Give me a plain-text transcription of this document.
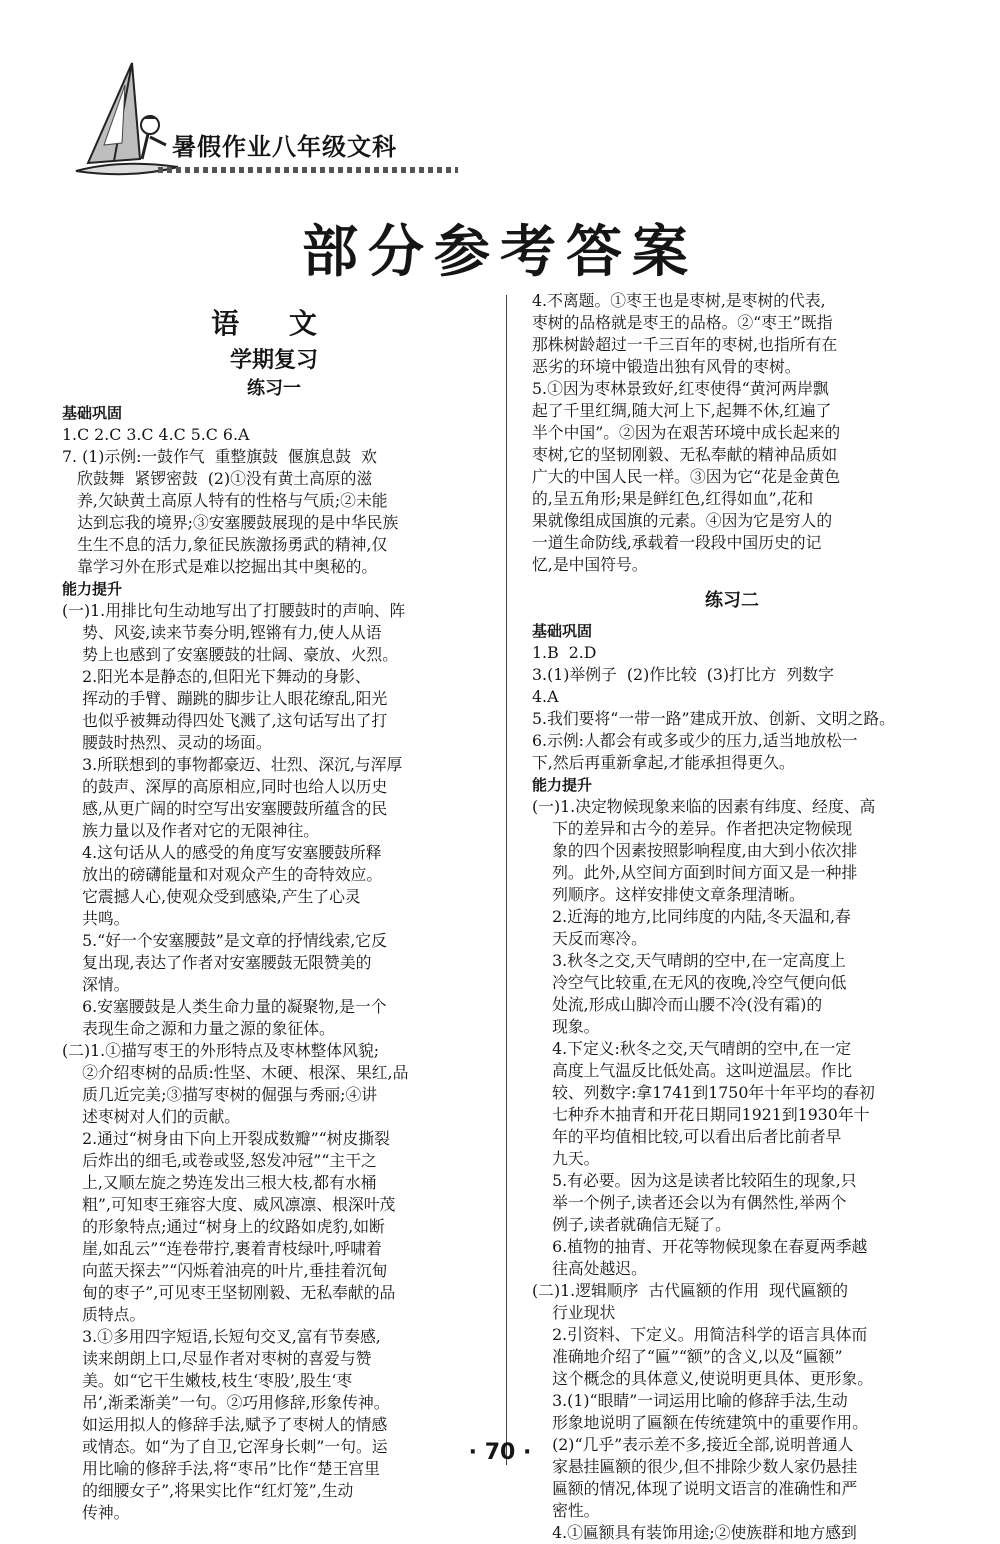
暑假作业八年级文科
部分参考答案
语 文
学期复习
练习一
基础巩固

1.C 2.C 3.C 4.C 5.C 6.A

7. (1)示例:一鼓作气  重整旗鼓  偃旗息鼓  欢

欣鼓舞  紧锣密鼓  (2)①没有黄土高原的滋

养,欠缺黄土高原人特有的性格与气质;②未能

达到忘我的境界;③安塞腰鼓展现的是中华民族

生生不息的活力,象征民族激扬勇武的精神,仅

靠学习外在形式是难以挖掘出其中奥秘的。

能力提升

(一)1.用排比句生动地写出了打腰鼓时的声响、阵

势、风姿,读来节奏分明,铿锵有力,使人从语

势上也感到了安塞腰鼓的壮阔、豪放、火烈。

2.阳光本是静态的,但阳光下舞动的身影、

挥动的手臂、蹦跳的脚步让人眼花缭乱,阳光

也似乎被舞动得四处飞溅了,这句话写出了打

腰鼓时热烈、灵动的场面。

3.所联想到的事物都豪迈、壮烈、深沉,与浑厚

的鼓声、深厚的高原相应,同时也给人以历史

感,从更广阔的时空写出安塞腰鼓所蕴含的民

族力量以及作者对它的无限神往。

4.这句话从人的感受的角度写安塞腰鼓所释

放出的磅礴能量和对观众产生的奇特效应。

它震撼人心,使观众受到感染,产生了心灵

共鸣。

5.“好一个安塞腰鼓”是文章的抒情线索,它反

复出现,表达了作者对安塞腰鼓无限赞美的

深情。

6.安塞腰鼓是人类生命力量的凝聚物,是一个

表现生命之源和力量之源的象征体。

(二)1.①描写枣王的外形特点及枣林整体风貌;

②介绍枣树的品质:性坚、木硬、根深、果红,品

质几近完美;③描写枣树的倔强与秀丽;④讲

述枣树对人们的贡献。

2.通过“树身由下向上开裂成数瓣”“树皮撕裂

后炸出的细毛,或卷或竖,怒发冲冠”“主干之

上,又顺左旋之势连发出三根大枝,都有水桶

粗”,可知枣王雍容大度、威风凛凛、根深叶茂

的形象特点;通过“树身上的纹路如虎豹,如断

崖,如乱云”“连卷带拧,裹着青枝绿叶,呼啸着

向蓝天探去”“闪烁着油亮的叶片,垂挂着沉甸

甸的枣子”,可见枣王坚韧刚毅、无私奉献的品

质特点。

3.①多用四字短语,长短句交叉,富有节奏感,

读来朗朗上口,尽显作者对枣树的喜爱与赞

美。如“它干生嫩枝,枝生‘枣股’,股生‘枣

吊’,渐柔渐美”一句。②巧用修辞,形象传神。

如运用拟人的修辞手法,赋予了枣树人的情感

或情态。如“为了自卫,它浑身长刺”一句。运

用比喻的修辞手法,将“枣吊”比作“楚王宫里

的细腰女子”,将果实比作“红灯笼”,生动

传神。

4.不离题。①枣王也是枣树,是枣树的代表,

枣树的品格就是枣王的品格。②“枣王”既指

那株树龄超过一千三百年的枣树,也指所有在

恶劣的环境中锻造出独有风骨的枣树。

5.①因为枣林景致好,红枣使得“黄河两岸飘

起了千里红绸,随大河上下,起舞不休,红遍了

半个中国”。②因为在艰苦环境中成长起来的

枣树,它的坚韧刚毅、无私奉献的精神品质如

广大的中国人民一样。③因为它“花是金黄色

的,呈五角形;果是鲜红色,红得如血”,花和

果就像组成国旗的元素。④因为它是穷人的

一道生命防线,承载着一段段中国历史的记

忆,是中国符号。

练习二
基础巩固

1.B  2.D

3.(1)举例子  (2)作比较  (3)打比方  列数字

4.A

5.我们要将“一带一路”建成开放、创新、文明之路。

6.示例:人都会有或多或少的压力,适当地放松一

下,然后再重新拿起,才能承担得更久。

能力提升

(一)1.决定物候现象来临的因素有纬度、经度、高

下的差异和古今的差异。作者把决定物候现

象的四个因素按照影响程度,由大到小依次排

列。此外,从空间方面到时间方面又是一种排

列顺序。这样安排使文章条理清晰。

2.近海的地方,比同纬度的内陆,冬天温和,春

天反而寒冷。

3.秋冬之交,天气晴朗的空中,在一定高度上

冷空气比较重,在无风的夜晚,冷空气便向低

处流,形成山脚冷而山腰不冷(没有霜)的

现象。

4.下定义:秋冬之交,天气晴朗的空中,在一定

高度上气温反比低处高。这叫逆温层。作比

较、列数字:拿1741到1750年十年平均的春初

七种乔木抽青和开花日期同1921到1930年十

年的平均值相比较,可以看出后者比前者早

九天。

5.有必要。因为这是读者比较陌生的现象,只

举一个例子,读者还会以为有偶然性,举两个

例子,读者就确信无疑了。

6.植物的抽青、开花等物候现象在春夏两季越

往高处越迟。

(二)1.逻辑顺序  古代匾额的作用  现代匾额的

行业现状

2.引资料、下定义。用简洁科学的语言具体而

准确地介绍了“匾”“额”的含义,以及“匾额”

这个概念的具体意义,使说明更具体、更形象。

3.(1)“眼睛”一词运用比喻的修辞手法,生动

形象地说明了匾额在传统建筑中的重要作用。

(2)“几乎”表示差不多,接近全部,说明普通人

家悬挂匾额的很少,但不排除少数人家仍悬挂

匾额的情况,体现了说明文语言的准确性和严

密性。

4.①匾额具有装饰用途;②使族群和地方感到

· 70 ·
